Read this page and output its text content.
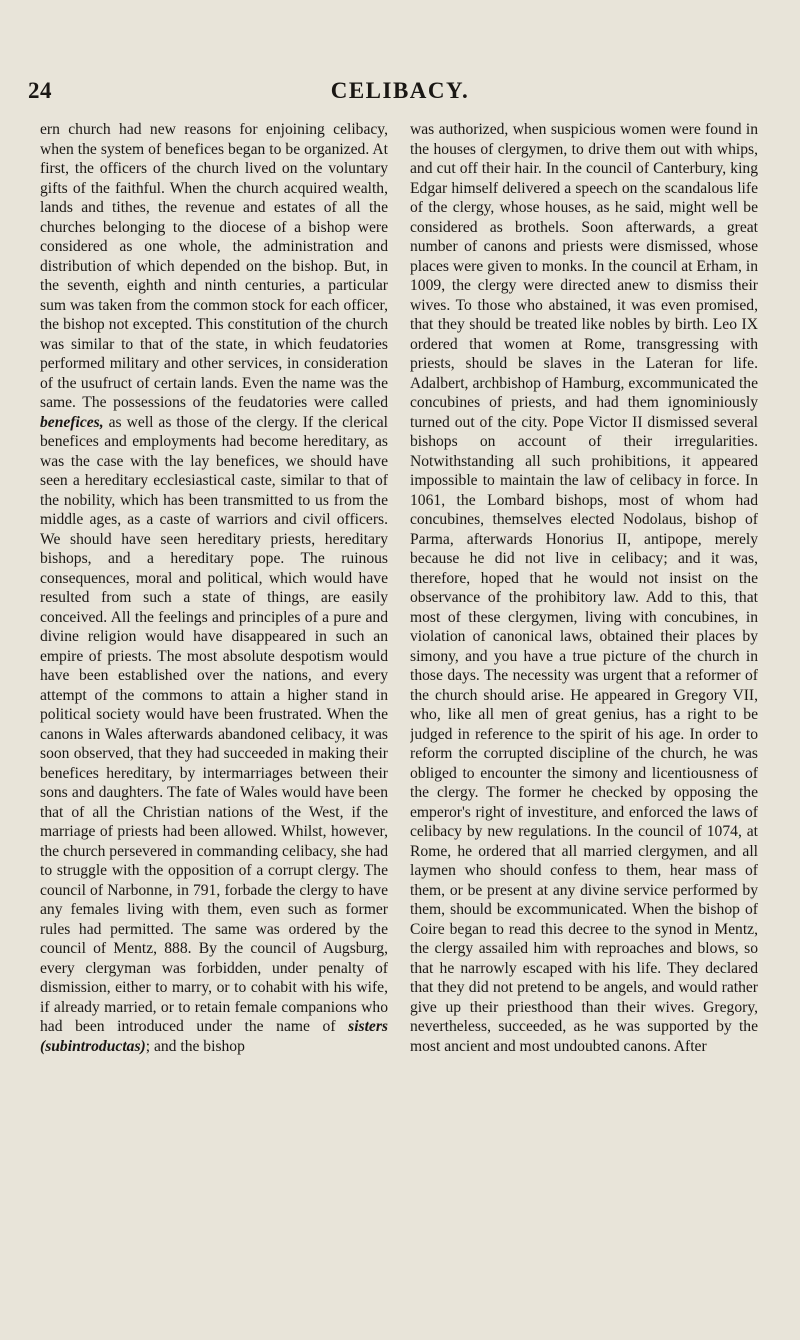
24	CELIBACY.

ern church had new reasons for enjoining celibacy, when the system of benefices began to be organized. At first, the officers of the church lived on the voluntary gifts of the faithful. When the church acquired wealth, lands and tithes, the revenue and estates of all the churches belonging to the diocese of a bishop were considered as one whole, the administration and distribution of which depended on the bishop. But, in the seventh, eighth and ninth centuries, a particular sum was taken from the common stock for each officer, the bishop not excepted. This constitution of the church was similar to that of the state, in which feudatories performed military and other services, in consideration of the usufruct of certain lands. Even the name was the same. The possessions of the feudatories were called benefices, as well as those of the clergy. If the clerical benefices and employments had become hereditary, as was the case with the lay benefices, we should have seen a hereditary ecclesiastical caste, similar to that of the nobility, which has been transmitted to us from the middle ages, as a caste of warriors and civil officers. We should have seen hereditary priests, hereditary bishops, and a hereditary pope. The ruinous consequences, moral and political, which would have resulted from such a state of things, are easily conceived. All the feelings and principles of a pure and divine religion would have disappeared in such an empire of priests. The most absolute despotism would have been established over the nations, and every attempt of the commons to attain a higher stand in political society would have been frustrated. When the canons in Wales afterwards abandoned celibacy, it was soon observed, that they had succeeded in making their benefices hereditary, by intermarriages between their sons and daughters. The fate of Wales would have been that of all the Christian nations of the West, if the marriage of priests had been allowed. Whilst, however, the church persevered in commanding celibacy, she had to struggle with the opposition of a corrupt clergy. The council of Narbonne, in 791, forbade the clergy to have any females living with them, even such as former rules had permitted. The same was ordered by the council of Mentz, 888. By the council of Augsburg, every clergyman was forbidden, under penalty of dismission, either to marry, or to cohabit with his wife, if already married, or to retain female companions who had been introduced under the name of sisters (subintroductas); and the bishop

was authorized, when suspicious women were found in the houses of clergymen, to drive them out with whips, and cut off their hair. In the council of Canterbury, king Edgar himself delivered a speech on the scandalous life of the clergy, whose houses, as he said, might well be considered as brothels. Soon afterwards, a great number of canons and priests were dismissed, whose places were given to monks. In the council at Erham, in 1009, the clergy were directed anew to dismiss their wives. To those who abstained, it was even promised, that they should be treated like nobles by birth. Leo IX ordered that women at Rome, transgressing with priests, should be slaves in the Lateran for life. Adalbert, archbishop of Hamburg, excommunicated the concubines of priests, and had them ignominiously turned out of the city. Pope Victor II dismissed several bishops on account of their irregularities. Notwithstanding all such prohibitions, it appeared impossible to maintain the law of celibacy in force. In 1061, the Lombard bishops, most of whom had concubines, themselves elected Nodolaus, bishop of Parma, afterwards Honorius II, antipope, merely because he did not live in celibacy; and it was, therefore, hoped that he would not insist on the observance of the prohibitory law. Add to this, that most of these clergymen, living with concubines, in violation of canonical laws, obtained their places by simony, and you have a true picture of the church in those days. The necessity was urgent that a reformer of the church should arise. He appeared in Gregory VII, who, like all men of great genius, has a right to be judged in reference to the spirit of his age. In order to reform the corrupted discipline of the church, he was obliged to encounter the simony and licentiousness of the clergy. The former he checked by opposing the emperor's right of investiture, and enforced the laws of celibacy by new regulations. In the council of 1074, at Rome, he ordered that all married clergymen, and all laymen who should confess to them, hear mass of them, or be present at any divine service performed by them, should be excommunicated. When the bishop of Coire began to read this decree to the synod in Mentz, the clergy assailed him with reproaches and blows, so that he narrowly escaped with his life. They declared that they did not pretend to be angels, and would rather give up their priesthood than their wives. Gregory, nevertheless, succeeded, as he was supported by the most ancient and most undoubted canons. After
